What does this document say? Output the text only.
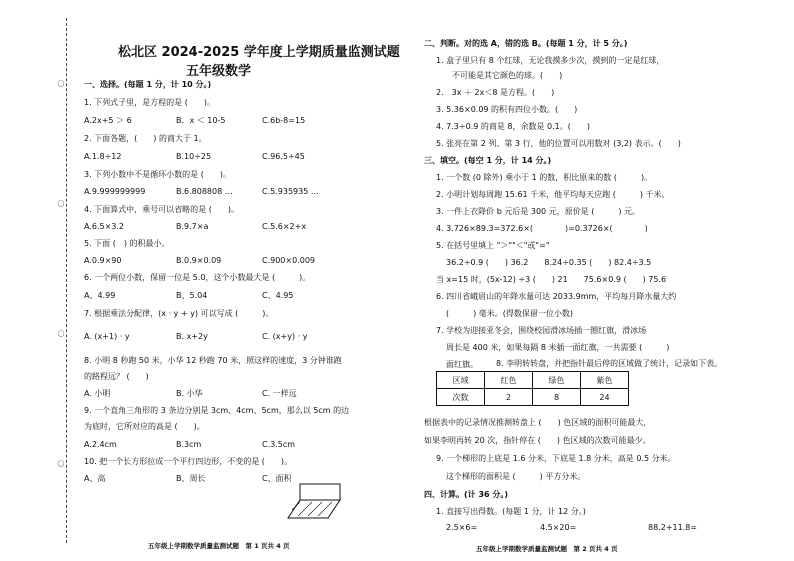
松北区 2024-2025 学年度上学期质量监测试题
五年级数学
〇
〇
〇
〇
一、选择。(每题 1 分，计 10 分。)
1. 下列式子里，是方程的是 (　　)。
A.2x+5 ＞ 6	B．x ＜ 10-5	C.6b-8=15
2. 下面各题，(　　) 的商大于 1。
A.1.8÷12	B.10÷25	C.96.5÷45
3. 下列小数中不是循环小数的是 (　　)。
A.9.999999999	B.6.808808 …	C.5.935935 …
4. 下面算式中，乘号可以省略的是 (　　)。
A.6.5×3.2	B.9.7×a	C.5.6×2+x
5. 下面 (　) 的积最小。
A.0.9×90	B.0.9×0.09	C.900×0.009
6. 一个两位小数，保留一位是 5.0，这个小数最大是 (　　　)。
A、4.99	B、5.04	C、4.95
7. 根据乘法分配律，(x · y + y) 可以写成 (　　　)。
A. (x+1) · y	B. x+2y	C. (x+y) · y
8. 小明 8 秒跑 50 米，小华 12 秒跑 70 米，照这样的速度，3 分钟谁跑
的路程远？ (　　)
A. 小明	B. 小华	C. 一样远
9. 一个直角三角形的 3 条边分别是 3cm、4cm、5cm，那么以 5cm 的边
为底时，它所对应的高是 (　　)。
A.2.4cm	B.3cm	C.3.5cm
10. 把一个长方形拉成一个平行四边形，不变的是 (　　)。
A、高	B、周长	C、面积
五年级上学期数学质量监测试题　第 1 页共 4 页
二、判断。对的选 A，错的选 B。(每题 1 分，计 5 分。)
1. 盒子里只有 8 个红球，无论我摸多少次，摸到的一定是红球，
不可能是其它颜色的球。(　　)
2.　3x ＋ 2x＜8 是方程。(　　)
3. 5.36×0.09 的积有四位小数。(　　)
4. 7.3÷0.9 的商是 8，余数是 0.1。(　　)
5. 张亮在第 2 列、第 3 行，他的位置可以用数对 (3,2) 表示。(　　)
三、填空。(每空 1 分，计 14 分。)
1. 一个数 (0 除外) 乘小于 1 的数，积比原来的数 (　　　)。
2. 小明计划每周跑 15.61 千米，他平均每天应跑 (　　　) 千米。
3. 一件上衣降价 b 元后是 300 元，原价是 (　　　) 元。
4. 3.726×89.3=372.6×(　　　　)=0.3726×(　　　　)
5. 在括号里填上 "＞""＜"或"="
36.2÷0.9 (　　) 36.2　　8.24÷0.35 (　　) 82.4÷3.5
当 x=15 时，(5x-12) ÷3 (　　) 21　　75.6×0.9 (　　) 75.6
6. 四川省峨眉山的年降水量可达 2033.9mm，平均每月降水量大约
(　　　) 毫米。(得数保留一位小数)
7. 学校为迎接亚冬会，围绕校园滑冰场插一圈红旗，滑冰场
周长是 400 米，如果每隔 8 米插一面红旗，一共需要 (　　　)
面红旗。 8. 李明转转盘，并把指针最后停的区域做了统计，记录如下表。
区域	红色	绿色	紫色
次数	2	8	24
根据表中的记录情况推测转盘上 (　　) 色区域的面积可能最大，
如果李明再转 20 次，指针停在 (　　) 色区域的次数可能最少。
9. 一个梯形的上底是 1.6 分米，下底是 1.8 分米，高是 0.5 分米。
这个梯形的面积是 (　　　) 平方分米。
四、计算。(计 36 分。)
1. 直接写出得数。(每题 1 分，计 12 分。)
2.5×6=	4.5×20=	88.2+11.8=
五年级上学期数学质量监测试题　第 2 页共 4 页
